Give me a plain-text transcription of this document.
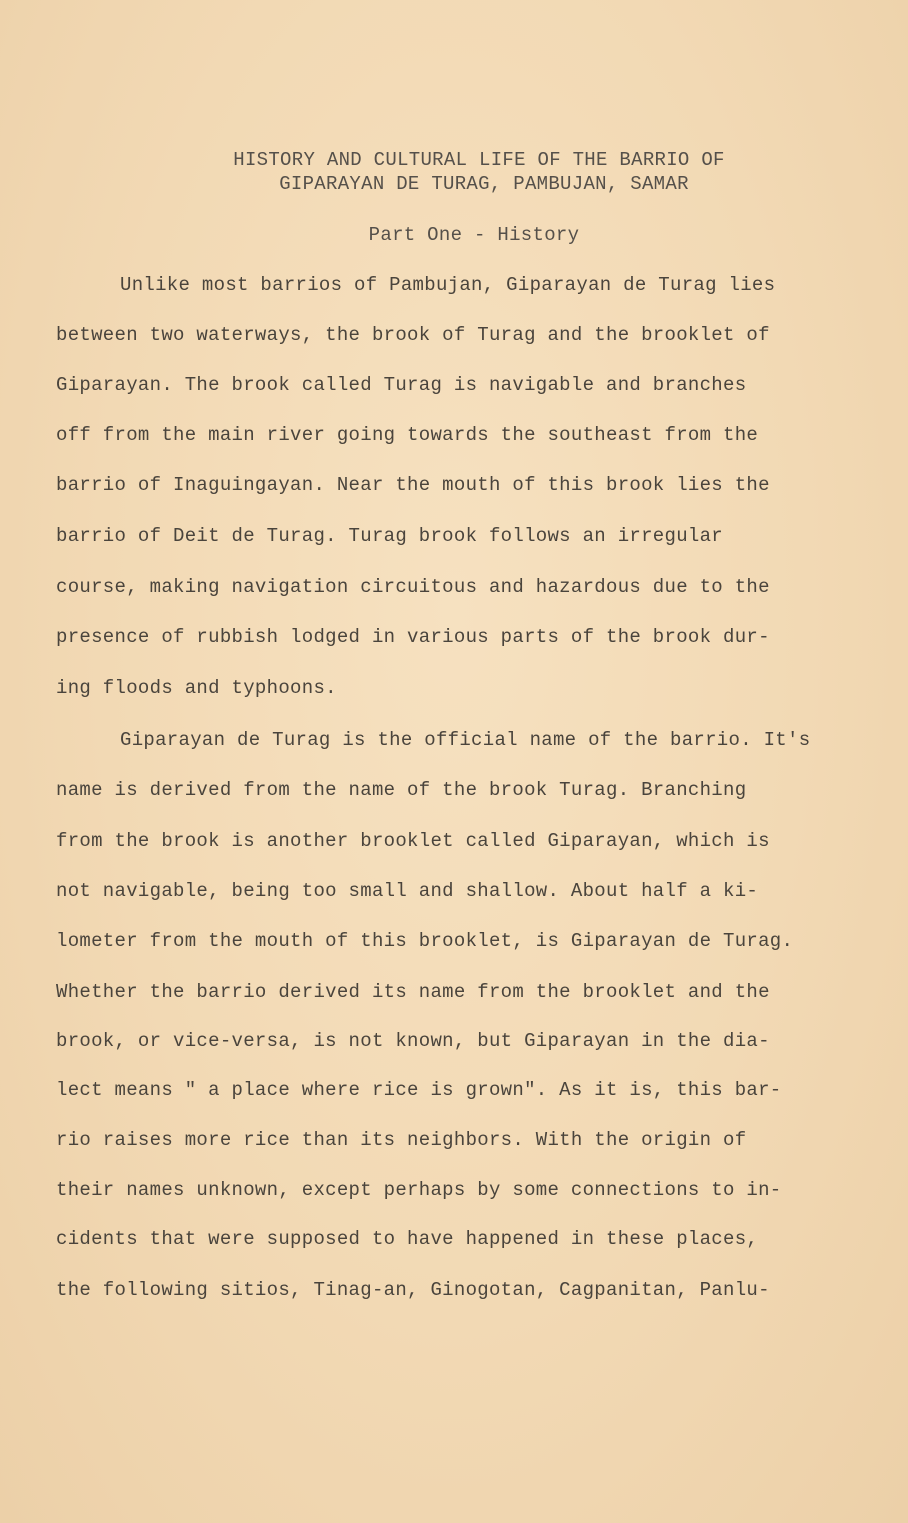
HISTORY AND CULTURAL LIFE OF THE BARRIO OF
GIPARAYAN DE TURAG, PAMBUJAN, SAMAR
Part One - History
Unlike most barrios of Pambujan, Giparayan de Turag lies
between two waterways, the brook of Turag and the brooklet of
Giparayan. The brook called Turag is navigable and branches
off from the main river going towards the southeast from the
barrio of Inaguingayan. Near the mouth of this brook lies the
barrio of Deit de Turag. Turag brook follows an irregular
course, making navigation circuitous and hazardous due to the
presence of rubbish lodged in various parts of the brook dur-
ing floods and typhoons.
Giparayan de Turag is the official name of the barrio. It's
name is derived from the name of the brook Turag. Branching
from the brook is another brooklet called Giparayan, which is
not navigable, being too small and shallow. About half a ki-
lometer from the mouth of this brooklet, is Giparayan de Turag.
Whether the barrio derived its name from the brooklet and the
brook, or vice-versa, is not known, but Giparayan in the dia-
lect means " a place where rice is grown". As it is, this bar-
rio raises more rice than its neighbors. With the origin of
their names unknown, except perhaps by some connections to in-
cidents that were supposed to have happened in these places,
the following sitios, Tinag-an, Ginogotan, Cagpanitan, Panlu-
